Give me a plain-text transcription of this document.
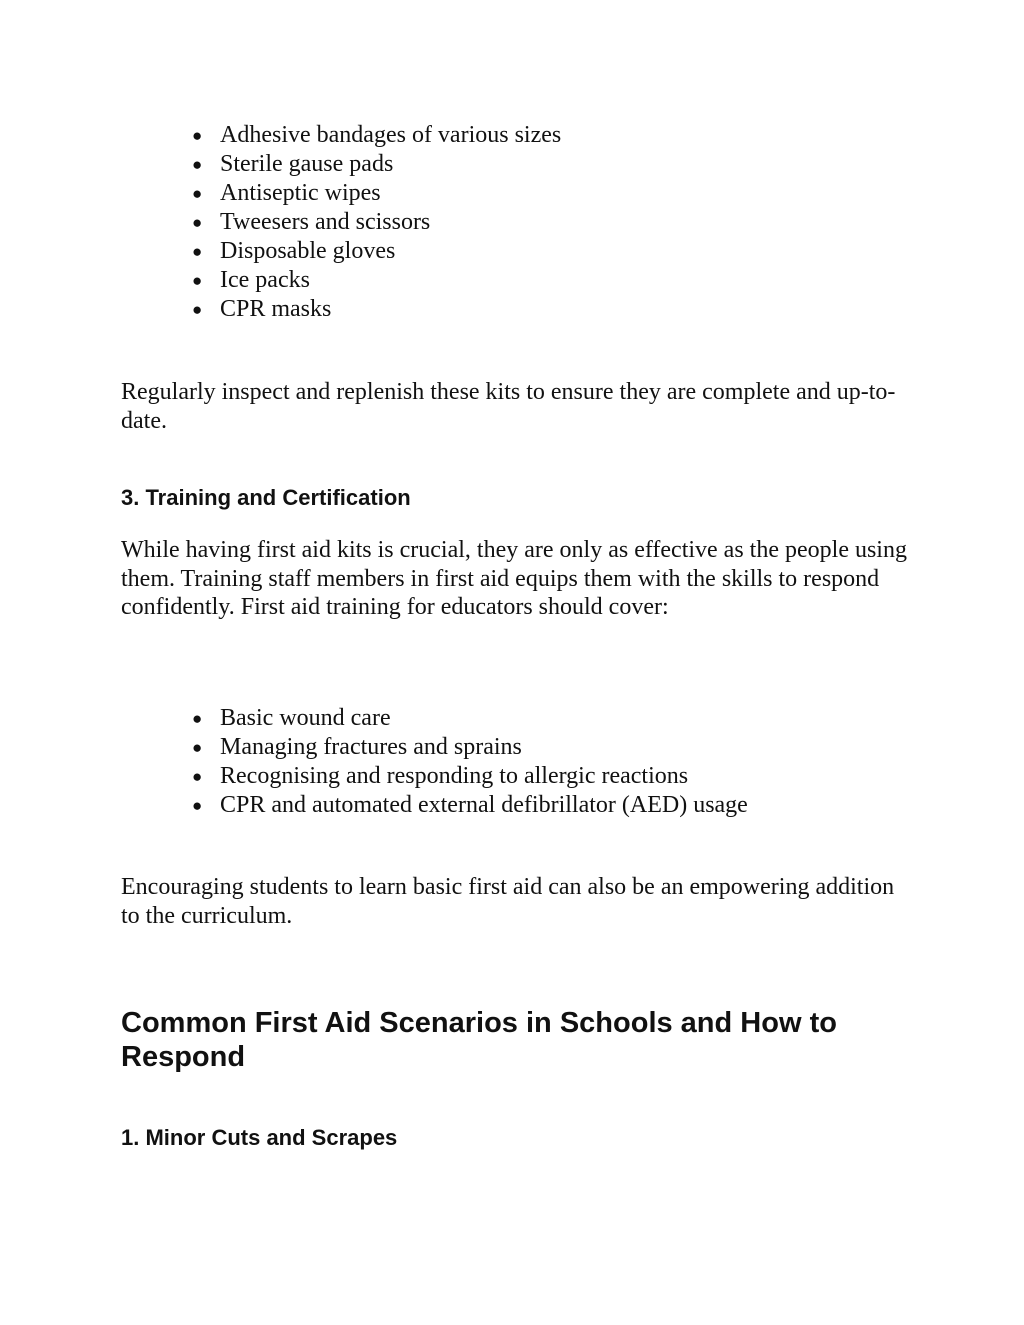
● Adhesive bandages of various sizes
● Sterile gause pads
● Antiseptic wipes
● Tweesers and scissors
● Disposable gloves
● Ice packs
● CPR masks

Regularly inspect and replenish these kits to ensure they are complete and up-to-date.

3. Training and Certification

While having first aid kits is crucial, they are only as effective as the people using them. Training staff members in first aid equips them with the skills to respond confidently. First aid training for educators should cover:

● Basic wound care
● Managing fractures and sprains
● Recognising and responding to allergic reactions
● CPR and automated external defibrillator (AED) usage

Encouraging students to learn basic first aid can also be an empowering addition to the curriculum.

Common First Aid Scenarios in Schools and How to Respond
1. Minor Cuts and Scrapes
